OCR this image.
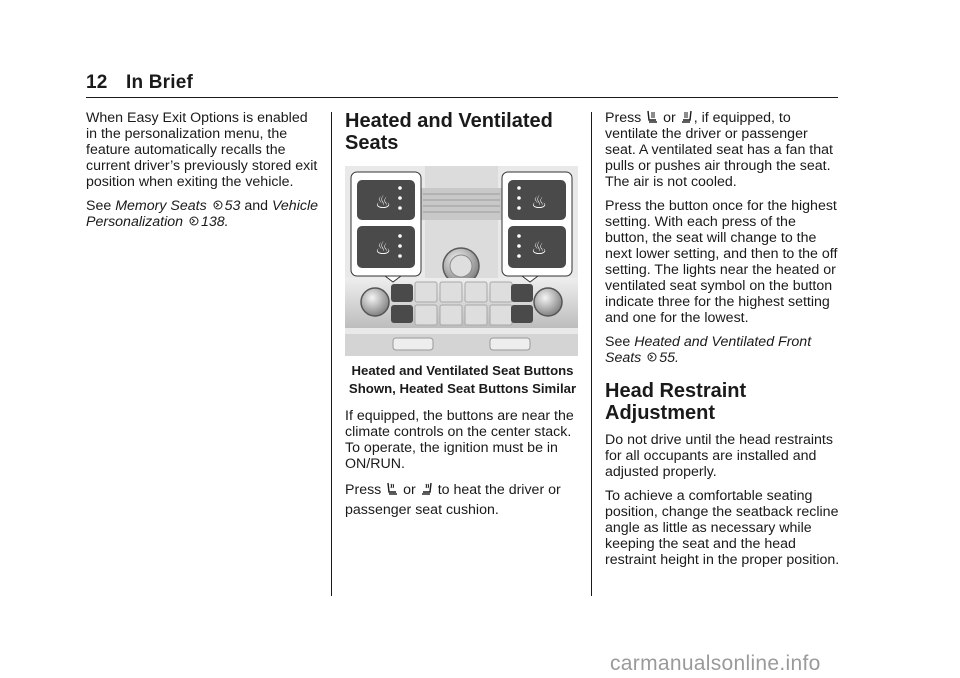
12 In Brief

When Easy Exit Options is enabled in the personalization menu, the feature automatically recalls the current driver’s previously stored exit position when exiting the vehicle.

See Memory Seats 53 and Vehicle Personalization 138.

Heated and Ventilated
Seats
♨
♨
♨
♨
Heated and Ventilated Seat Buttons Shown, Heated Seat Buttons Similar

If equipped, the buttons are near the climate controls on the center stack. To operate, the ignition must be in ON/RUN.

Press or to heat the driver or passenger seat cushion.

Press or , if equipped, to ventilate the driver or passenger seat. A ventilated seat has a fan that pulls or pushes air through the seat. The air is not cooled.

Press the button once for the highest setting. With each press of the button, the seat will change to the next lower setting, and then to the off setting. The lights near the heated or ventilated seat symbol on the button indicate three for the highest setting and one for the lowest.

See Heated and Ventilated Front Seats 55.

Head Restraint
Adjustment

Do not drive until the head restraints for all occupants are installed and adjusted properly.

To achieve a comfortable seating position, change the seatback recline angle as little as necessary while keeping the seat and the head restraint height in the proper position.

carmanualsonline.info
